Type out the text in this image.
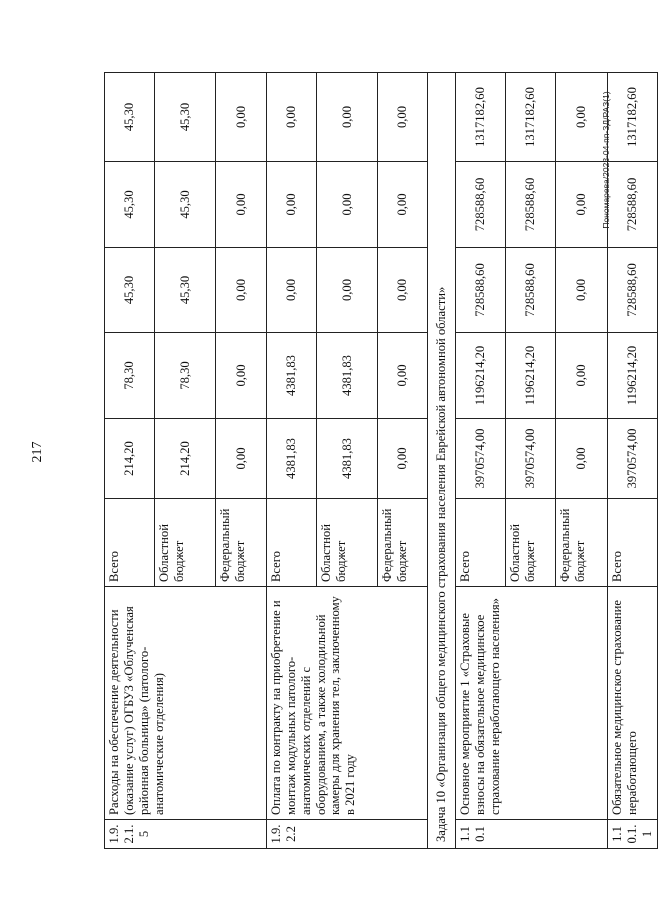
217
Пономарева/2023-04-пп-ЗД/РАЗ(1)
1.9.2.1.5	Расходы на обеспечение деятельности (оказание услуг) ОГБУЗ «Облученская районная больница» (патолого-анатомические отделения)	Всего	214,20	78,30	45,30	45,30	45,30
		Областной бюджет	214,20	78,30	45,30	45,30	45,30
		Федеральный бюджет	0,00	0,00	0,00	0,00	0,00
1.9.2.2	Оплата по контракту на приобретение и монтаж модульных патолого-анатомических отделений с оборудованием, а также холодильной камеры для хранения тел, заключенному в 2021 году	Всего	4381,83	4381,83	0,00	0,00	0,00
		Областной бюджет	4381,83	4381,83	0,00	0,00	0,00
		Федеральный бюджет	0,00	0,00	0,00	0,00	0,00
Задача 10 «Организация общего медицинского страхования населения Еврейской автономной области»							
1.10.1	Основное мероприятие 1 «Страховые взносы на обязательное медицинское страхование неработающего населения»	Всего	3970574,00	1196214,20	728588,60	728588,60	1317182,60
		Областной бюджет	3970574,00	1196214,20	728588,60	728588,60	1317182,60
		Федеральный бюджет	0,00	0,00	0,00	0,00	0,00
1.10.1.1	Обязательное медицинское страхование неработающего	Всего	3970574,00	1196214,20	728588,60	728588,60	1317182,60
